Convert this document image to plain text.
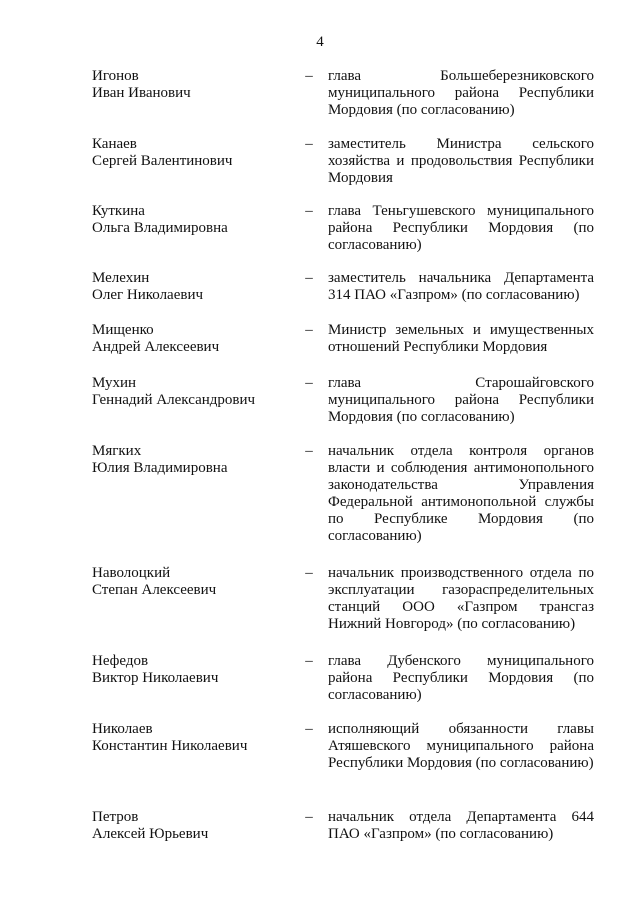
4
Игонов
Иван Иванович
– глава Большеберезниковского муниципального района Республики Мордовия (по согласованию)
Канаев
Сергей Валентинович
– заместитель Министра сельского хозяйства и продовольствия Республики Мордовия
Куткина
Ольга Владимировна
– глава Теньгушевского муниципального района Республики Мордовия (по согласованию)
Мелехин
Олег Николаевич
– заместитель начальника Департамента 314 ПАО «Газпром» (по согласованию)
Мищенко
Андрей Алексеевич
– Министр земельных и имущественных отношений Республики Мордовия
Мухин
Геннадий Александрович
– глава Старошайговского муниципального района Республики Мордовия (по согласованию)
Мягких
Юлия Владимировна
– начальник отдела контроля органов власти и соблюдения антимонопольного законодательства Управления Федеральной антимонопольной службы по Республике Мордовия (по согласованию)
Наволоцкий
Степан Алексеевич
– начальник производственного отдела по эксплуатации газораспределительных станций ООО «Газпром трансгаз Нижний Новгород» (по согласованию)
Нефедов
Виктор Николаевич
– глава Дубенского муниципального района Республики Мордовия (по согласованию)
Николаев
Константин Николаевич
– исполняющий обязанности главы Атяшевского муниципального района Республики Мордовия (по согласованию)
Петров
Алексей Юрьевич
– начальник отдела Департамента 644 ПАО «Газпром» (по согласованию)
